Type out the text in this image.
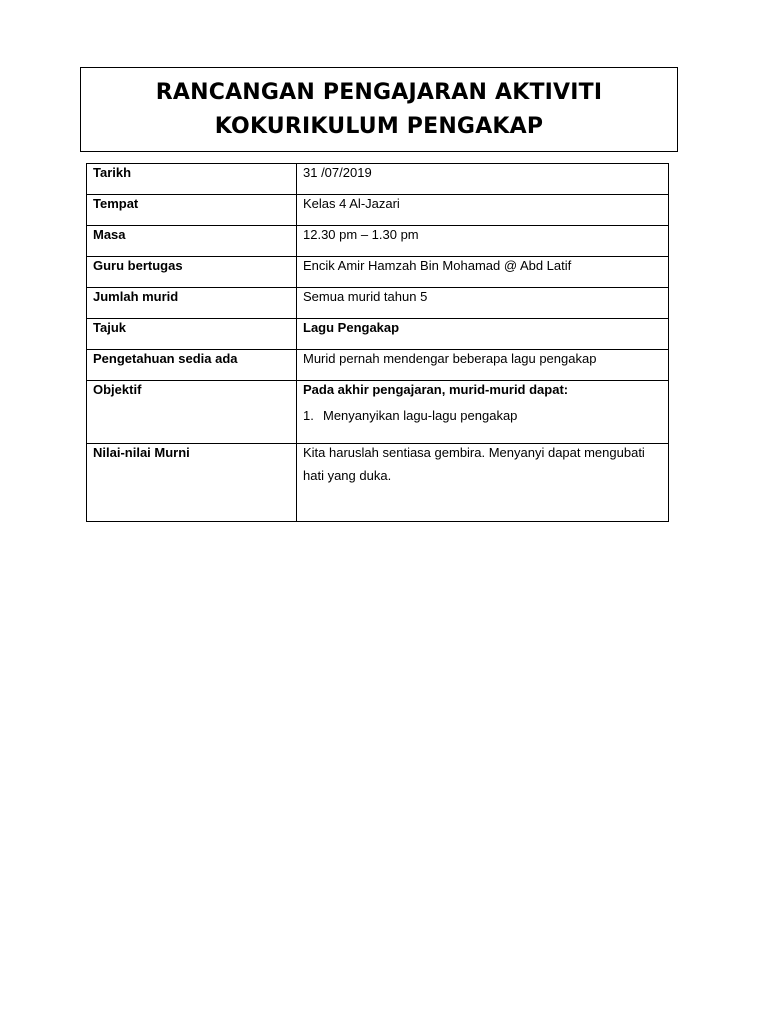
RANCANGAN PENGAJARAN AKTIVITI
KOKURIKULUM PENGAKAP
Tarikh	31 /07/2019
Tempat	Kelas 4 Al-Jazari
Masa	12.30 pm – 1.30 pm
Guru bertugas	Encik Amir Hamzah Bin Mohamad @ Abd Latif
Jumlah murid	Semua murid tahun 5
Tajuk	Lagu Pengakap
Pengetahuan sedia ada	Murid pernah mendengar beberapa lagu pengakap
Objektif	Pada akhir pengajaran, murid-murid dapat:
1. Menyanyikan lagu-lagu pengakap

Nilai-nilai Murni	Kita haruslah sentiasa gembira. Menyanyi dapat mengubati hati yang duka.
